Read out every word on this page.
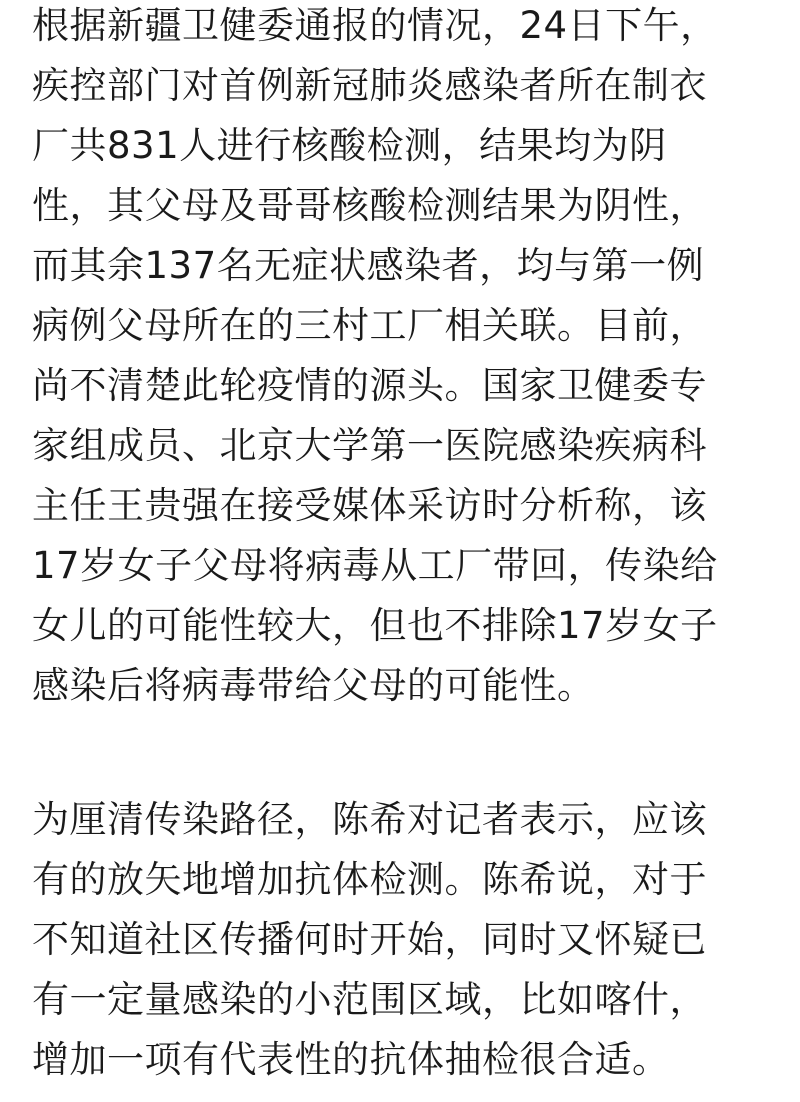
根据新疆卫健委通报的情况，24日下午，
疾控部门对首例新冠肺炎感染者所在制衣
厂共831人进行核酸检测，结果均为阴
性，其父母及哥哥核酸检测结果为阴性，
而其余137名无症状感染者，均与第一例
病例父母所在的三村工厂相关联。目前，
尚不清楚此轮疫情的源头。国家卫健委专
家组成员、北京大学第一医院感染疾病科
主任王贵强在接受媒体采访时分析称，该
17岁女子父母将病毒从工厂带回，传染给
女儿的可能性较大，但也不排除17岁女子
感染后将病毒带给父母的可能性。
为厘清传染路径，陈希对记者表示，应该
有的放矢地增加抗体检测。陈希说，对于
不知道社区传播何时开始，同时又怀疑已
有一定量感染的小范围区域，比如喀什，
增加一项有代表性的抗体抽检很合适。
